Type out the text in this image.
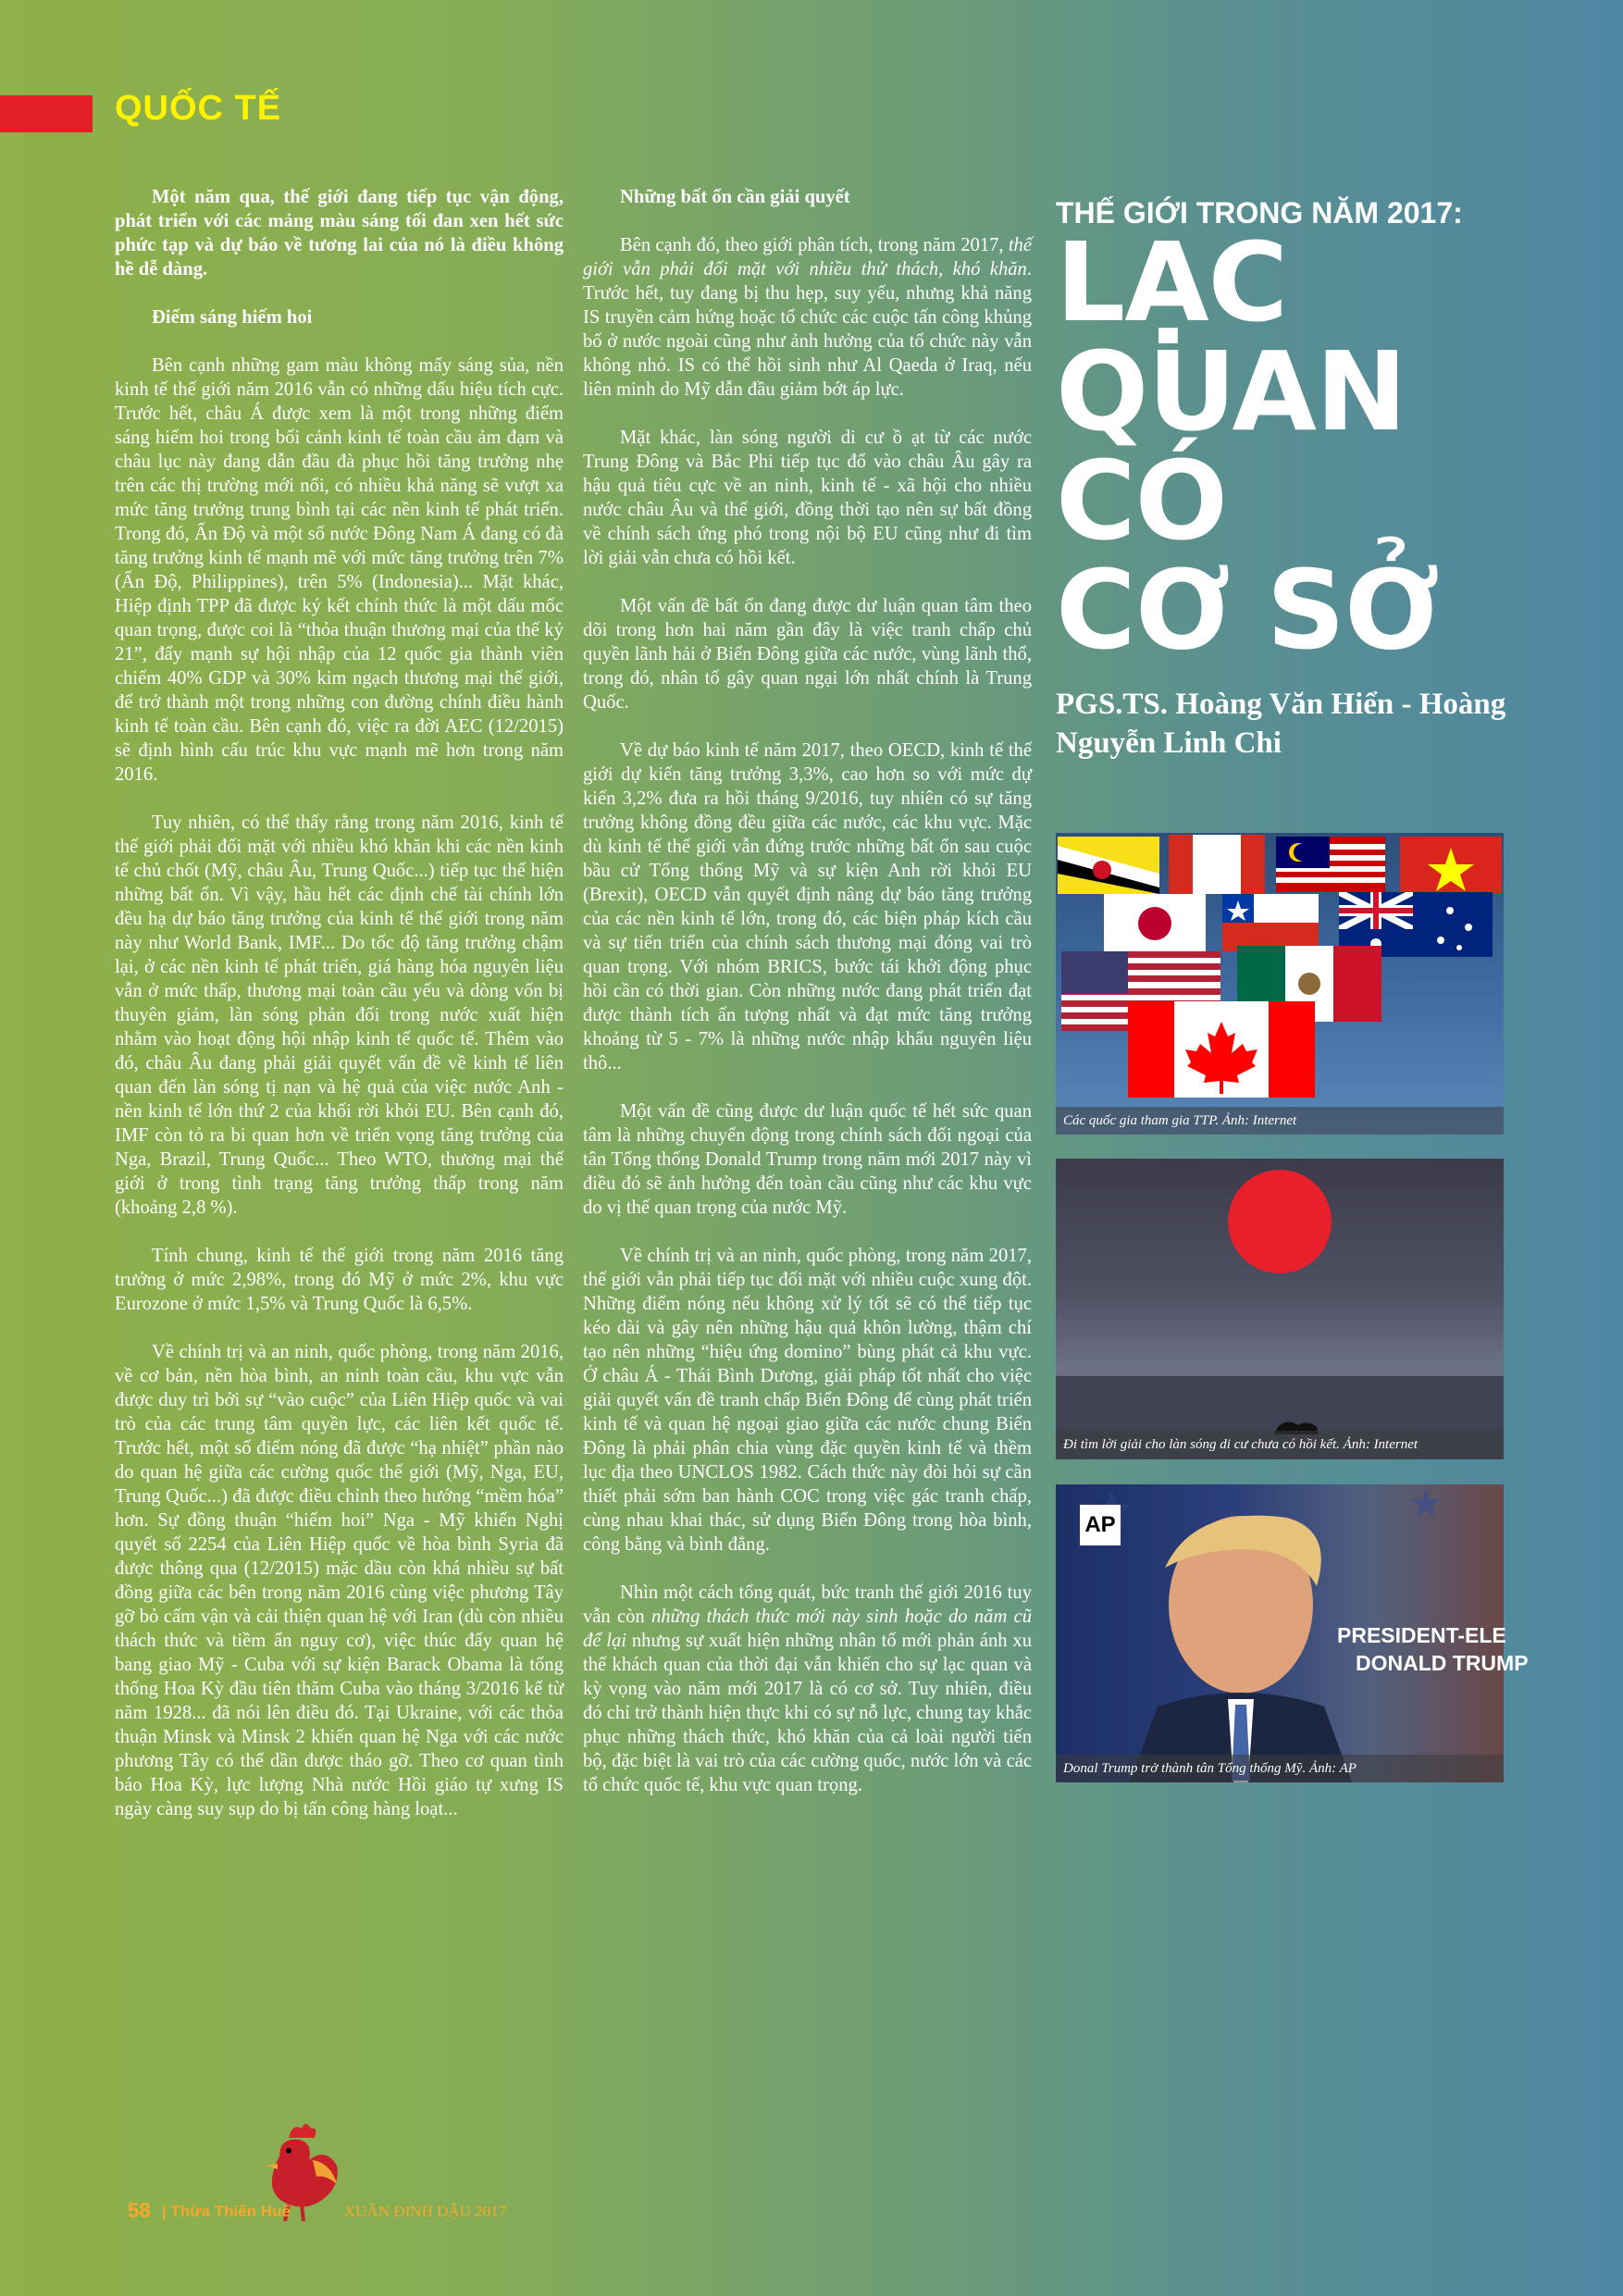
QUỐC TẾ

Một năm qua, thế giới đang tiếp tục vận động, phát triển với các mảng màu sáng tối đan xen hết sức phức tạp và dự báo về tương lai của nó là điều không hề dễ dàng.

Điểm sáng hiếm hoi

Bên cạnh những gam màu không mấy sáng sủa, nền kinh tế thế giới năm 2016 vẫn có những dấu hiệu tích cực. Trước hết, châu Á được xem là một trong những điểm sáng hiếm hoi trong bối cảnh kinh tế toàn cầu ảm đạm và châu lục này đang dẫn đầu đà phục hồi tăng trưởng nhẹ trên các thị trường mới nổi, có nhiều khả năng sẽ vượt xa mức tăng trưởng trung bình tại các nền kinh tế phát triển. Trong đó, Ấn Độ và một số nước Đông Nam Á đang có đà tăng trưởng kinh tế mạnh mẽ với mức tăng trưởng trên 7% (Ấn Độ, Philippines), trên 5% (Indonesia)... Mặt khác, Hiệp định TPP đã được ký kết chính thức là một dấu mốc quan trọng, được coi là “thỏa thuận thương mại của thế kỷ 21”, đẩy mạnh sự hội nhập của 12 quốc gia thành viên chiếm 40% GDP và 30% kim ngạch thương mại thế giới, để trở thành một trong những con đường chính điều hành kinh tế toàn cầu. Bên cạnh đó, việc ra đời AEC (12/2015) sẽ định hình cấu trúc khu vực mạnh mẽ hơn trong năm 2016.

Tuy nhiên, có thể thấy rằng trong năm 2016, kinh tế thế giới phải đối mặt với nhiều khó khăn khi các nền kinh tế chủ chốt (Mỹ, châu Âu, Trung Quốc...) tiếp tục thể hiện những bất ổn. Vì vậy, hầu hết các định chế tài chính lớn đều hạ dự báo tăng trưởng của kinh tế thế giới trong năm này như World Bank, IMF... Do tốc độ tăng trưởng chậm lại, ở các nền kinh tế phát triển, giá hàng hóa nguyên liệu vẫn ở mức thấp, thương mại toàn cầu yếu và dòng vốn bị thuyên giảm, làn sóng phản đối trong nước xuất hiện nhằm vào hoạt động hội nhập kinh tế quốc tế. Thêm vào đó, châu Âu đang phải giải quyết vấn đề về kinh tế liên quan đến làn sóng tị nạn và hệ quả của việc nước Anh - nền kinh tế lớn thứ 2 của khối rời khỏi EU. Bên cạnh đó, IMF còn tỏ ra bi quan hơn về triển vọng tăng trưởng của Nga, Brazil, Trung Quốc... Theo WTO, thương mại thế giới ở trong tình trạng tăng trưởng thấp trong năm (khoảng 2,8 %).

Tính chung, kinh tế thế giới trong năm 2016 tăng trưởng ở mức 2,98%, trong đó Mỹ ở mức 2%, khu vực Eurozone ở mức 1,5% và Trung Quốc là 6,5%.

Về chính trị và an ninh, quốc phòng, trong năm 2016, về cơ bản, nền hòa bình, an ninh toàn cầu, khu vực vẫn được duy trì bởi sự “vào cuộc” của Liên Hiệp quốc và vai trò của các trung tâm quyền lực, các liên kết quốc tế. Trước hết, một số điểm nóng đã được “hạ nhiệt” phần nào do quan hệ giữa các cường quốc thế giới (Mỹ, Nga, EU, Trung Quốc...) đã được điều chỉnh theo hướng “mềm hóa” hơn. Sự đồng thuận “hiếm hoi” Nga - Mỹ khiến Nghị quyết số 2254 của Liên Hiệp quốc về hòa bình Syria đã được thông qua (12/2015) mặc dầu còn khá nhiều sự bất đồng giữa các bên trong năm 2016 cùng việc phương Tây gỡ bỏ cấm vận và cải thiện quan hệ với Iran (dù còn nhiều thách thức và tiềm ẩn nguy cơ), việc thúc đẩy quan hệ bang giao Mỹ - Cuba với sự kiện Barack Obama là tổng thống Hoa Kỳ đầu tiên thăm Cuba vào tháng 3/2016 kể từ năm 1928... đã nói lên điều đó. Tại Ukraine, với các thỏa thuận Minsk và Minsk 2 khiến quan hệ Nga với các nước phương Tây có thể dần được tháo gỡ. Theo cơ quan tình báo Hoa Kỳ, lực lượng Nhà nước Hồi giáo tự xưng IS ngày càng suy sụp do bị tấn công hàng loạt...

Những bất ổn cần giải quyết

Bên cạnh đó, theo giới phân tích, trong năm 2017, thế giới vẫn phải đối mặt với nhiều thử thách, khó khăn. Trước hết, tuy đang bị thu hẹp, suy yếu, nhưng khả năng IS truyền cảm hứng hoặc tổ chức các cuộc tấn công khủng bố ở nước ngoài cũng như ảnh hưởng của tổ chức này vẫn không nhỏ. IS có thể hồi sinh như Al Qaeda ở Iraq, nếu liên minh do Mỹ dẫn đầu giảm bớt áp lực.

Mặt khác, làn sóng người di cư ồ ạt từ các nước Trung Đông và Bắc Phi tiếp tục đổ vào châu Âu gây ra hậu quả tiêu cực về an ninh, kinh tế - xã hội cho nhiều nước châu Âu và thế giới, đồng thời tạo nên sự bất đồng về chính sách ứng phó trong nội bộ EU cũng như đi tìm lời giải vẫn chưa có hồi kết.

Một vấn đề bất ổn đang được dư luận quan tâm theo dõi trong hơn hai năm gần đây là việc tranh chấp chủ quyền lãnh hải ở Biển Đông giữa các nước, vùng lãnh thổ, trong đó, nhân tố gây quan ngại lớn nhất chính là Trung Quốc.

Về dự báo kinh tế năm 2017, theo OECD, kinh tế thế giới dự kiến tăng trưởng 3,3%, cao hơn so với mức dự kiến 3,2% đưa ra hồi tháng 9/2016, tuy nhiên có sự tăng trưởng không đồng đều giữa các nước, các khu vực. Mặc dù kinh tế thế giới vẫn đứng trước những bất ổn sau cuộc bầu cử Tổng thống Mỹ và sự kiện Anh rời khỏi EU (Brexit), OECD vẫn quyết định nâng dự báo tăng trưởng của các nền kinh tế lớn, trong đó, các biện pháp kích cầu và sự tiến triển của chính sách thương mại đóng vai trò quan trọng. Với nhóm BRICS, bước tái khởi động phục hồi cần có thời gian. Còn những nước đang phát triển đạt được thành tích ấn tượng nhất và đạt mức tăng trưởng khoảng từ 5 - 7% là những nước nhập khẩu nguyên liệu thô...

Một vấn đề cũng được dư luận quốc tế hết sức quan tâm là những chuyển động trong chính sách đối ngoại của tân Tổng thống Donald Trump trong năm mới 2017 này vì điều đó sẽ ảnh hưởng đến toàn cầu cũng như các khu vực do vị thế quan trọng của nước Mỹ.

Về chính trị và an ninh, quốc phòng, trong năm 2017, thế giới vẫn phải tiếp tục đối mặt với nhiều cuộc xung đột. Những điểm nóng nếu không xử lý tốt sẽ có thể tiếp tục kéo dài và gây nên những hậu quả khôn lường, thậm chí tạo nên những “hiệu ứng domino” bùng phát cả khu vực. Ở châu Á - Thái Bình Dương, giải pháp tốt nhất cho việc giải quyết vấn đề tranh chấp Biển Đông để cùng phát triển kinh tế và quan hệ ngoại giao giữa các nước chung Biển Đông là phải phân chia vùng đặc quyền kinh tế và thềm lục địa theo UNCLOS 1982. Cách thức này đòi hỏi sự cần thiết phải sớm ban hành COC trong việc gác tranh chấp, cùng nhau khai thác, sử dụng Biển Đông trong hòa bình, công bằng và bình đẳng.

Nhìn một cách tổng quát, bức tranh thế giới 2016 tuy vẫn còn những thách thức mới này sinh hoặc do năm cũ để lại nhưng sự xuất hiện những nhân tố mới phản ánh xu thế khách quan của thời đại vẫn khiến cho sự lạc quan và kỳ vọng vào năm mới 2017 là có cơ sở. Tuy nhiên, điều đó chỉ trở thành hiện thực khi có sự nỗ lực, chung tay khắc phục những thách thức, khó khăn của cả loài người tiến bộ, đặc biệt là vai trò của các cường quốc, nước lớn và các tổ chức quốc tế, khu vực quan trọng.

THẾ GIỚI TRONG NĂM 2017:
LẠC
QUAN
CÓ
CƠ SỞ
PGS.TS. Hoàng Văn Hiển - Hoàng Nguyễn Linh Chi
Các quốc gia tham gia TTP. Ảnh: Internet
Đi tìm lời giải cho làn sóng di cư chưa có hồi kết. Ảnh: Internet
AP
PRESIDENT-ELE
DONALD TRUMP
Donal Trump trở thành tân Tổng thống Mỹ. Ảnh: AP
58 | Thừa Thiên Huế	XUÂN ĐINH DẬU 2017
